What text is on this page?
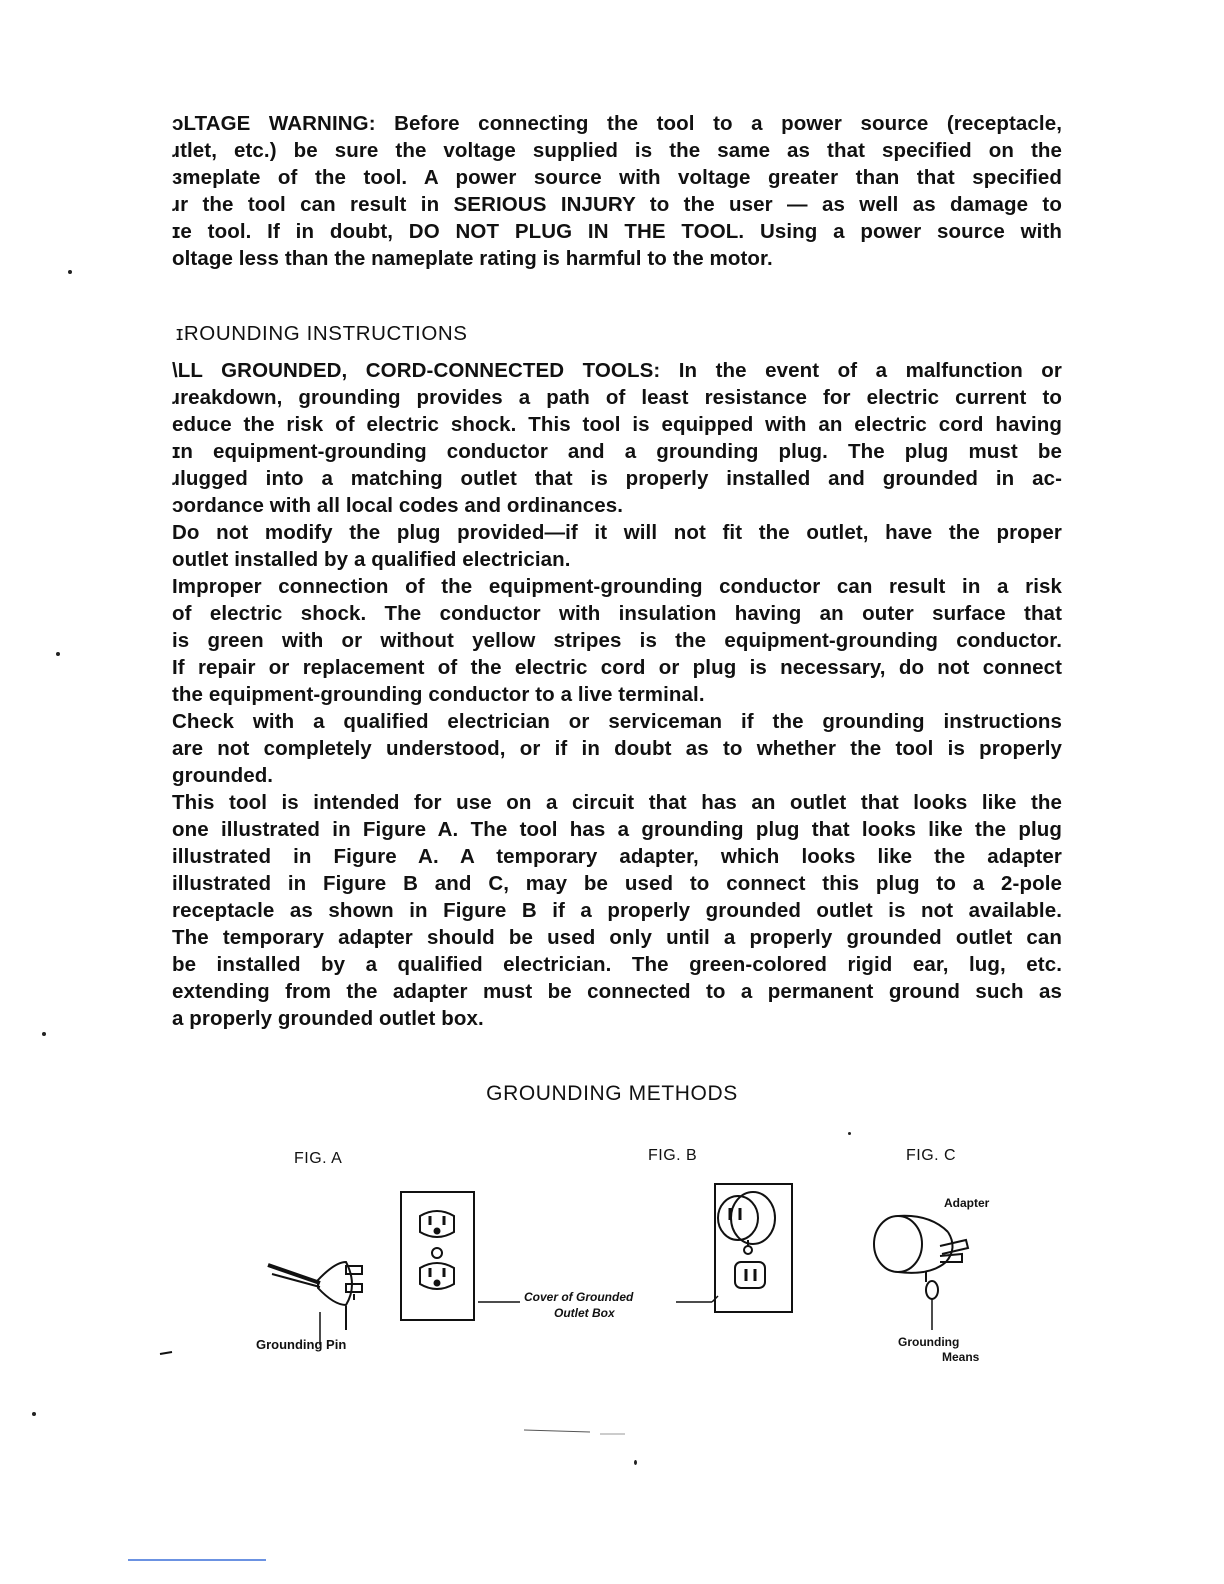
ɔLTAGE WARNING: Before connecting the tool to a power source (receptacle,
ɹtlet, etc.) be sure the voltage supplied is the same as that specified on the
ɜmeplate of the tool. A power source with voltage greater than that specified
ɹr the tool can result in SERIOUS INJURY to the user — as well as damage to
ɪe tool. If in doubt, DO NOT PLUG IN THE TOOL. Using a power source with
oltage less than the nameplate rating is harmful to the motor.
ɪROUNDING INSTRUCTIONS
\LL GROUNDED, CORD-CONNECTED TOOLS: In the event of a malfunction or
ɹreakdown, grounding provides a path of least resistance for electric current to
educe the risk of electric shock. This tool is equipped with an electric cord having
ɪn equipment-grounding conductor and a grounding plug. The plug must be
ɹlugged into a matching outlet that is properly installed and grounded in ac-
ɔordance with all local codes and ordinances.
Do not modify the plug provided—if it will not fit the outlet, have the proper
outlet installed by a qualified electrician.
Improper connection of the equipment-grounding conductor can result in a risk
of electric shock. The conductor with insulation having an outer surface that
is green with or without yellow stripes is the equipment-grounding conductor.
If repair or replacement of the electric cord or plug is necessary, do not connect
the equipment-grounding conductor to a live terminal.
Check with a qualified electrician or serviceman if the grounding instructions
are not completely understood, or if in doubt as to whether the tool is properly
grounded.
This tool is intended for use on a circuit that has an outlet that looks like the
one illustrated in Figure A. The tool has a grounding plug that looks like the plug
illustrated in Figure A. A temporary adapter, which looks like the adapter
illustrated in Figure B and C, may be used to connect this plug to a 2-pole
receptacle as shown in Figure B if a properly grounded outlet is not available.
The temporary adapter should be used only until a properly grounded outlet can
be installed by a qualified electrician. The green-colored rigid ear, lug, etc.
extending from the adapter must be connected to a permanent ground such as
a properly grounded outlet box.
GROUNDING METHODS
FIG. A	FIG. B	FIG. C
Grounding Pin
Cover of Grounded
Outlet Box
Adapter
Grounding
Means
